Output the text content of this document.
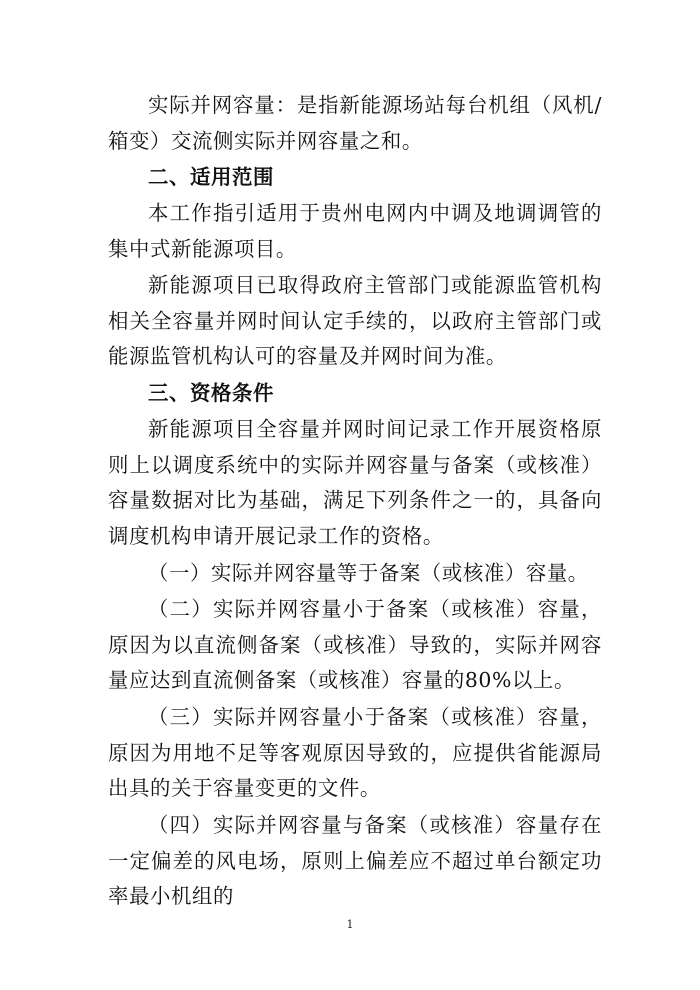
实际并网容量：是指新能源场站每台机组（风机/箱变）交流侧实际并网容量之和。

二、适用范围

本工作指引适用于贵州电网内中调及地调调管的集中式新能源项目。

新能源项目已取得政府主管部门或能源监管机构相关全容量并网时间认定手续的，以政府主管部门或能源监管机构认可的容量及并网时间为准。

三、资格条件

新能源项目全容量并网时间记录工作开展资格原则上以调度系统中的实际并网容量与备案（或核准）容量数据对比为基础，满足下列条件之一的，具备向调度机构申请开展记录工作的资格。

（一）实际并网容量等于备案（或核准）容量。

（二）实际并网容量小于备案（或核准）容量，原因为以直流侧备案（或核准）导致的，实际并网容量应达到直流侧备案（或核准）容量的80%以上。

（三）实际并网容量小于备案（或核准）容量，原因为用地不足等客观原因导致的，应提供省能源局出具的关于容量变更的文件。

（四）实际并网容量与备案（或核准）容量存在一定偏差的风电场，原则上偏差应不超过单台额定功率最小机组的

1
